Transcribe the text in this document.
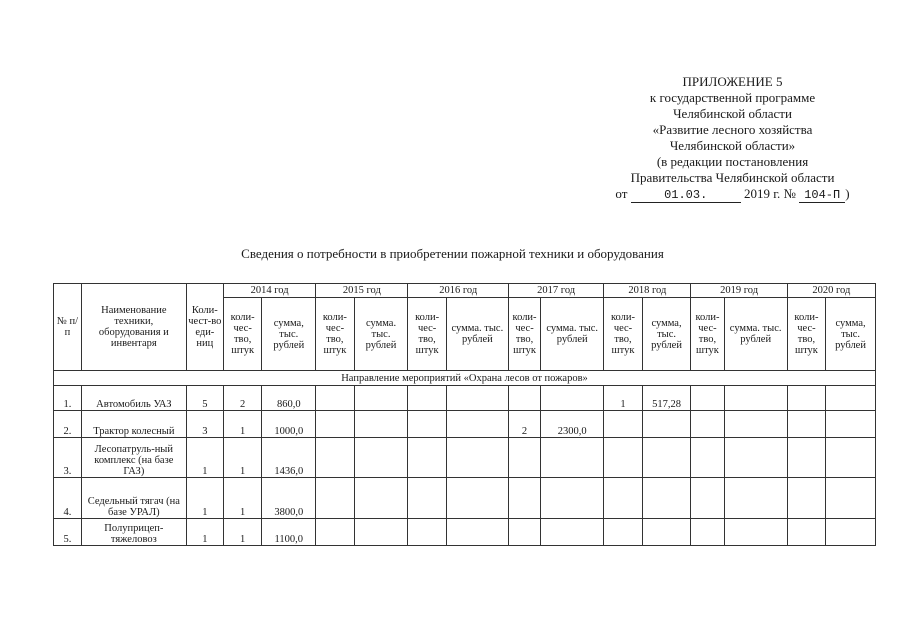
ПРИЛОЖЕНИЕ 5
к государственной программе
Челябинской области
«Развитие лесного хозяйства
Челябинской области»
(в редакции постановления
Правительства Челябинской области
от	01.03.	2019 г. № 104-П )
Сведения о потребности в приобретении пожарной техники и оборудования
№ п/п	Наименование техники, оборудования и инвентаря	Коли-чест-во еди-ниц	2014 год		2015 год		2016 год		2017 год		2018 год		2019 год		2020 год	
			коли-чес-тво, штук	сумма, тыс. рублей	коли-чес-тво, штук	сумма. тыс. рублей	коли-чес-тво, штук	сумма. тыс. рублей	коли-чес-тво, штук	сумма. тыс. рублей	коли-чес-тво, штук	сумма, тыс. рублей	коли-чес-тво, штук	сумма. тыс. рублей	коли-чес-тво, штук	сумма, тыс. рублей
Направление мероприятий «Охрана лесов от пожаров»																
1.	Автомобиль УАЗ	5	2	860,0							1	517,28				
2.	Трактор колесный	3	1	1000,0					2	2300,0						
3.	Лесопатруль-ный комплекс (на базе ГАЗ)	1	1	1436,0												
4.	Седельный тягач (на базе УРАЛ)	1	1	3800,0												
5.	Полуприцеп-тяжеловоз	1	1	1100,0												
